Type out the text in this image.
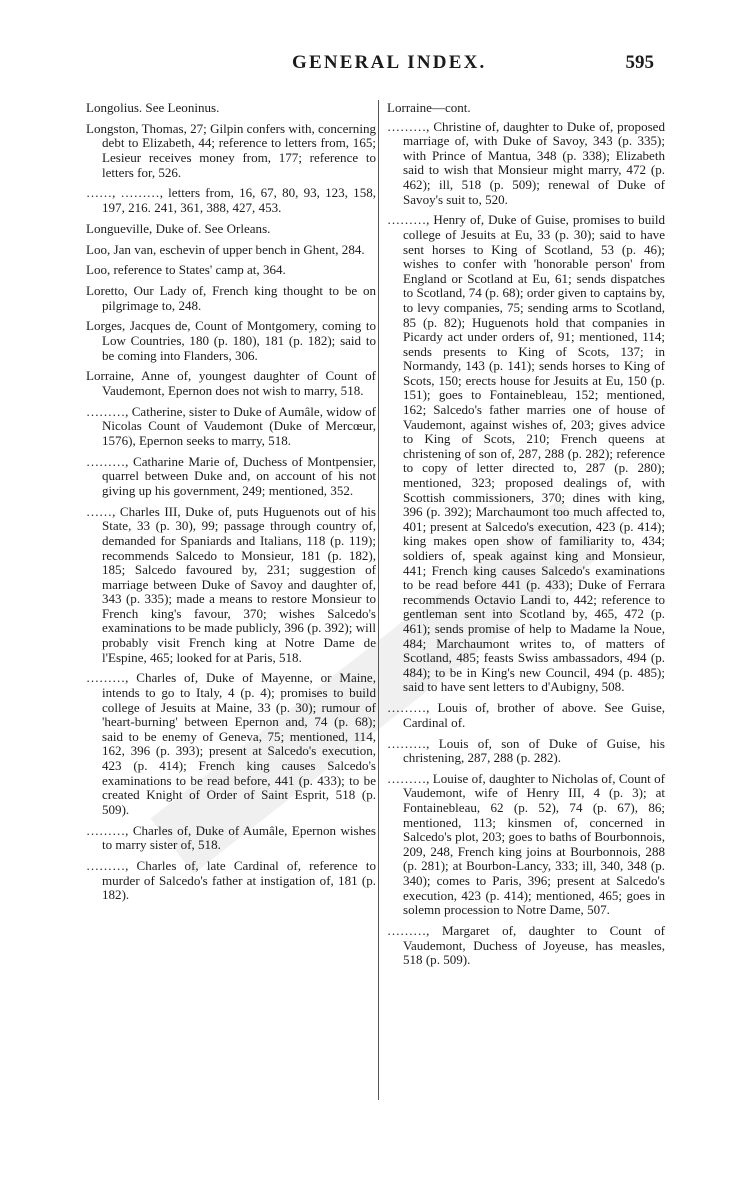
GENERAL INDEX.	595

Longolius. See Leoninus.

Longston, Thomas, 27; Gilpin confers with, concerning debt to Elizabeth, 44; reference to letters from, 165; Lesieur receives money from, 177; reference to letters for, 526.

……, ………, letters from, 16, 67, 80, 93, 123, 158, 197, 216. 241, 361, 388, 427, 453.

Longueville, Duke of. See Orleans.

Loo, Jan van, eschevin of upper bench in Ghent, 284.

Loo, reference to States' camp at, 364.

Loretto, Our Lady of, French king thought to be on pilgrimage to, 248.

Lorges, Jacques de, Count of Montgomery, coming to Low Countries, 180 (p. 180), 181 (p. 182); said to be coming into Flanders, 306.

Lorraine, Anne of, youngest daughter of Count of Vaudemont, Epernon does not wish to marry, 518.

………, Catherine, sister to Duke of Aumâle, widow of Nicolas Count of Vaudemont (Duke of Mercœur, 1576), Epernon seeks to marry, 518.

………, Catharine Marie of, Duchess of Montpensier, quarrel between Duke and, on account of his not giving up his government, 249; mentioned, 352.

……, Charles III, Duke of, puts Huguenots out of his State, 33 (p. 30), 99; passage through country of, demanded for Spaniards and Italians, 118 (p. 119); recommends Salcedo to Monsieur, 181 (p. 182), 185; Salcedo favoured by, 231; suggestion of marriage between Duke of Savoy and daughter of, 343 (p. 335); made a means to restore Monsieur to French king's favour, 370; wishes Salcedo's examinations to be made publicly, 396 (p. 392); will probably visit French king at Notre Dame de l'Espine, 465; looked for at Paris, 518.

………, Charles of, Duke of Mayenne, or Maine, intends to go to Italy, 4 (p. 4); promises to build college of Jesuits at Maine, 33 (p. 30); rumour of 'heart-burning' between Epernon and, 74 (p. 68); said to be enemy of Geneva, 75; mentioned, 114, 162, 396 (p. 393); present at Salcedo's execution, 423 (p. 414); French king causes Salcedo's examinations to be read before, 441 (p. 433); to be created Knight of Order of Saint Esprit, 518 (p. 509).

………, Charles of, Duke of Aumâle, Epernon wishes to marry sister of, 518.

………, Charles of, late Cardinal of, reference to murder of Salcedo's father at instigation of, 181 (p. 182).

Lorraine—cont.

………, Christine of, daughter to Duke of, proposed marriage of, with Duke of Savoy, 343 (p. 335); with Prince of Mantua, 348 (p. 338); Elizabeth said to wish that Monsieur might marry, 472 (p. 462); ill, 518 (p. 509); renewal of Duke of Savoy's suit to, 520.

………, Henry of, Duke of Guise, promises to build college of Jesuits at Eu, 33 (p. 30); said to have sent horses to King of Scotland, 53 (p. 46); wishes to confer with 'honorable person' from England or Scotland at Eu, 61; sends dispatches to Scotland, 74 (p. 68); order given to captains by, to levy companies, 75; sending arms to Scotland, 85 (p. 82); Huguenots hold that companies in Picardy act under orders of, 91; mentioned, 114; sends presents to King of Scots, 137; in Normandy, 143 (p. 141); sends horses to King of Scots, 150; erects house for Jesuits at Eu, 150 (p. 151); goes to Fontainebleau, 152; mentioned, 162; Salcedo's father marries one of house of Vaudemont, against wishes of, 203; gives advice to King of Scots, 210; French queens at christening of son of, 287, 288 (p. 282); reference to copy of letter directed to, 287 (p. 280); mentioned, 323; proposed dealings of, with Scottish commissioners, 370; dines with king, 396 (p. 392); Marchaumont too much affected to, 401; present at Salcedo's execution, 423 (p. 414); king makes open show of familiarity to, 434; soldiers of, speak against king and Monsieur, 441; French king causes Salcedo's examinations to be read before 441 (p. 433); Duke of Ferrara recommends Octavio Landi to, 442; reference to gentleman sent into Scotland by, 465, 472 (p. 461); sends promise of help to Madame la Noue, 484; Marchaumont writes to, of matters of Scotland, 485; feasts Swiss ambassadors, 494 (p. 484); to be in King's new Council, 494 (p. 485); said to have sent letters to d'Aubigny, 508.

………, Louis of, brother of above. See Guise, Cardinal of.

………, Louis of, son of Duke of Guise, his christening, 287, 288 (p. 282).

………, Louise of, daughter to Nicholas of, Count of Vaudemont, wife of Henry III, 4 (p. 3); at Fontainebleau, 62 (p. 52), 74 (p. 67), 86; mentioned, 113; kinsmen of, concerned in Salcedo's plot, 203; goes to baths of Bourbonnois, 209, 248, French king joins at Bourbonnois, 288 (p. 281); at Bourbon-Lancy, 333; ill, 340, 348 (p. 340); comes to Paris, 396; present at Salcedo's execution, 423 (p. 414); mentioned, 465; goes in solemn procession to Notre Dame, 507.

………, Margaret of, daughter to Count of Vaudemont, Duchess of Joyeuse, has measles, 518 (p. 509).
